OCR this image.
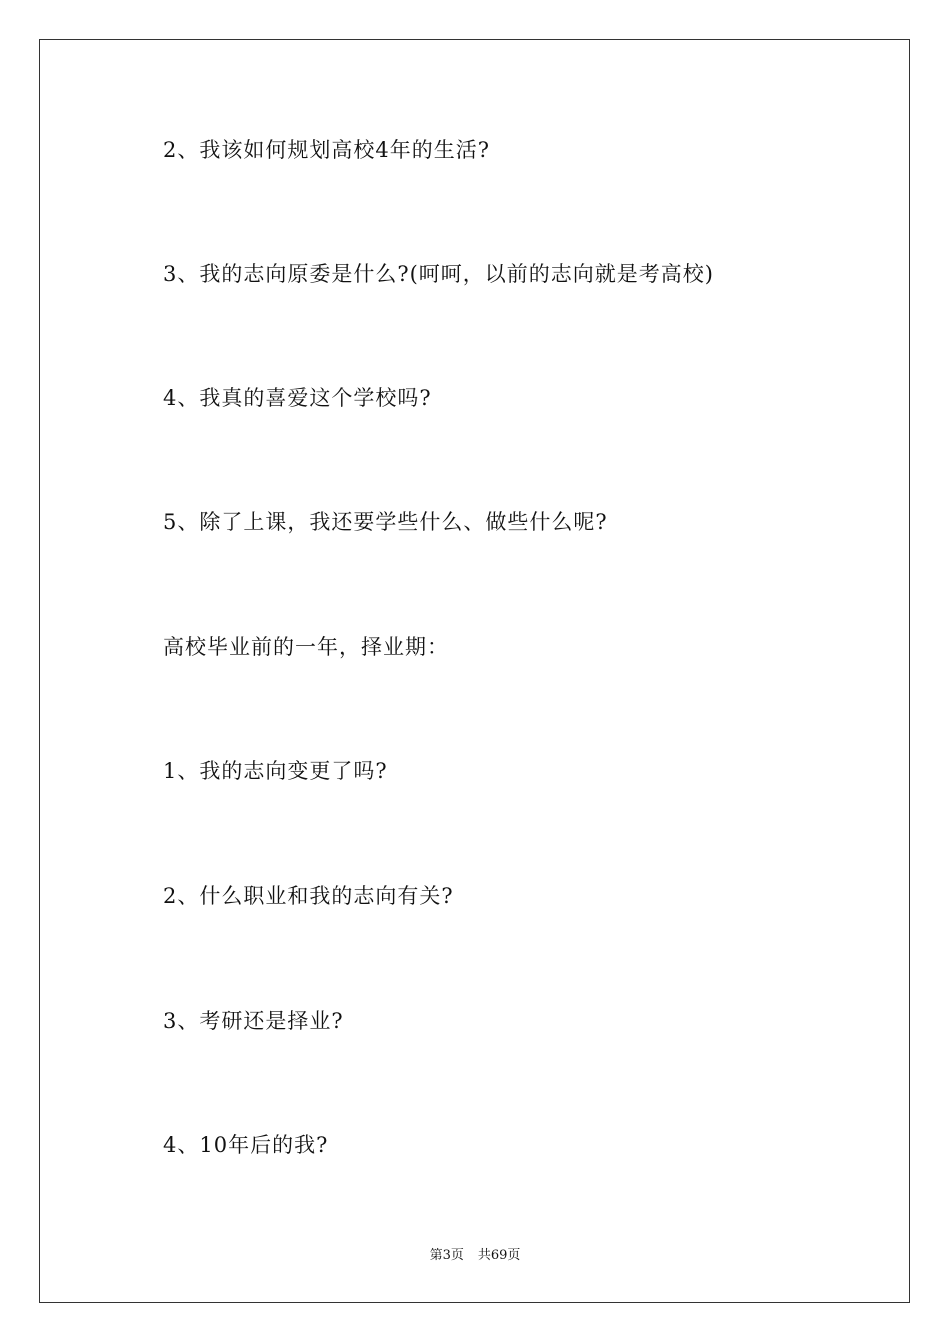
2、我该如何规划高校4年的生活?
3、我的志向原委是什么?(呵呵，以前的志向就是考高校)
4、我真的喜爱这个学校吗?
5、除了上课，我还要学些什么、做些什么呢?
高校毕业前的一年，择业期：
1、我的志向变更了吗?
2、什么职业和我的志向有关?
3、考研还是择业?
4、10年后的我?
第3页 共69页
